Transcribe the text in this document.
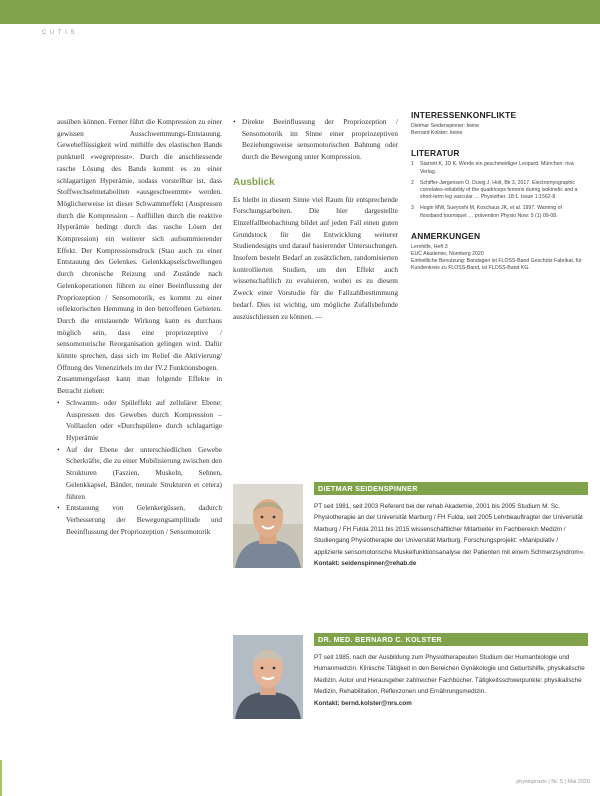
C U T I S

ausüben können. Ferner führt die Kompression zu einer gewissen Ausschwemmungs-Entstauung. Gewebeflüssigkeit wird mithilfe des elastischen Bands punktuell «wegrepresst». Durch die anschliessende rasche Lösung des Bands kommt es zu einer schlagartigen Hyperämie, sodass vorstellbar ist, dass Stoffwechselmetaboliten «ausgeschwemmt» werden. Möglicherweise ist dieser Schwammeffekt (Auspressen durch die Kompression – Auffüllen durch die reaktive Hyperämie bedingt durch das rasche Lösen der Kompression) ein weiterer sich aufsummierender Effekt. Der Kompressionsdruck (Stau auch zu einer Entstauung des Gelenkes. Gelenkkapselschwellungen durch chronische Reizung und Zustände nach Gelenkoperationen führen zu einer Beeinflussung der Propriozeption / Sensomotorik, es kommt zu einer reflektorischen Hemmung in den betroffenen Gebieten. Durch die entstauende Wirkung kann es durchaus möglich sein, dass eine propriozeptive / sensomotorische Reorganisation gelingen wird. Dafür könnte sprechen, dass sich im Relief die Aktivierung/Öffnung des Venenzirkels im der IV.2 Funktionsbogen.

Zusammengefasst kann man folgende Effekte in Betracht ziehen:

• Schwamm- oder Spüleffekt auf zellulärer Ebene: Auspressen des Gewebes durch Kompression – Volllaufen oder «Durchspülen» durch schlagartige Hyperämie
• Auf der Ebene der unterschiedlichen Gewebe Scherkräfte, die zu einer Mobilisierung zwischen den Strukturen (Faszien, Muskeln, Sehnen, Gelenkkapsel, Bänder, neurale Strukturen et cetera) führen
• Entstauung von Gelenkergüssen, dadurch Verbesserung der Bewegungsamplitude und Beeinflussung der Propriozeption / Sensomotorik
• Direkte Beeinflussung der Propriozeption / Sensomotorik im Sinne einer propriozeptiven Beziehungsweise sensomotorischen Bahnung oder durch die Bewegung unter Kompression.
Ausblick

Es bleibt in diesem Sinne viel Raum für entsprechende Forschungsarbeiten. Die hier dargestellte Einzelfallbeobachtung bildet auf jeden Fall einen guten Grundstock für die Entwicklung weiterer Studiendesigns und darauf basierender Untersuchungen. Insofern besteht Bedarf an zusätzlichen, randomisierten kontrollierten Studien, um den Effekt auch wissenschaftlich zu evaluieren, wobei es zu diesem Zweck einer Vorstudie für die Fallzahlbestimmung bedarf. Dies ist wichtig, um mögliche Zufallsbefunde auszuschliessen zu können. ―

INTERESSENKONFLIKTE

Dietmar Seidenspinner: keine

Bernard Kolster: keine

LITERATUR
1	Starrett K, JD K. Werde ein geschmeidiger Leopard. München: riva Verlag.
2	Schiffer-Jørgensen O, Duvig J, Holt, Bk 3, 2017. Electromyographic correlates-reliability of the quadriceps femoris during isokinetic and a short-term leg vascular … Physiother. 18:1. Issue 1:1562-8.
3	Hugin MW, Sueyoshi M, Koschaus JK, et al. 1997. Warning of flossband tourniquet … prävention Physio Now: 5 (1) 09-08.
ANMERKUNGEN

Lernhilfe, Heft 3

EUC Akademie, Nürnberg 2020

Einheitliche Benutzung: Bandagen ist FLOSS-Band Geschütz Fabrikat, für Kundenkreis zu FLOSS-Band, ist FLOSS-Band KG.

DIETMAR SEIDENSPINNER

PT seit 1981, seit 2003 Referent bei der rehab Akademie, 2001 bis 2005 Studium M. Sc. Physiotherapie an der Universität Marburg / FH Fulda, seit 2005 Lehrbeauftragter der Universität Marburg / FH Fulda 2011 bis 2015 wissenschaftlicher Mitarbeiter im Fachbereich Medizin / Studiengang Physiotherapie der Universität Marburg. Forschungsprojekt: «Manipulativ / applizierte sensomotorische Muskelfunktionsanalyse der Patienten mit einem Schmerzsyndrom».
Kontakt: seidenspinner@rehab.de

DR. MED. BERNARD C. KOLSTER

PT seit 1985, nach der Ausbildung zum Physiotherapeuten Studium der Humanbiologie und Humanmedizin. Klinische Tätigkeit in den Bereichen Gynäkologie und Geburtshilfe, physikalische Medizin. Autor und Herausgeber zahlreicher Fachbücher. Tätigkeitsschwerpunkte: physikalische Medizin, Rehabilitation, Reflexzonen und Ernährungsmedizin.
Kontakt: bernd.kolster@nrs.com

physiopraxis | Nr. 5 | Mai 2020
